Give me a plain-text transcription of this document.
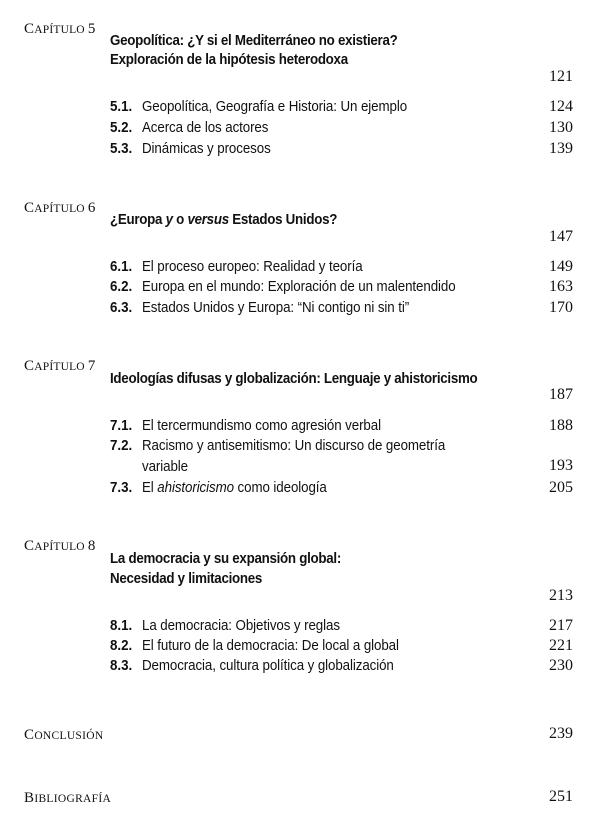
CAPÍTULO 5
Geopolítica: ¿Y si el Mediterráneo no existiera?
Exploración de la hipótesis heterodoxa
121
5.1. Geopolítica, Geografía e Historia: Un ejemplo	124
5.2. Acerca de los actores	130
5.3. Dinámicas y procesos	139
CAPÍTULO 6
¿Europa y o versus Estados Unidos?
147
6.1. El proceso europeo: Realidad y teoría	149
6.2. Europa en el mundo: Exploración de un malentendido	163
6.3. Estados Unidos y Europa: “Ni contigo ni sin ti”	170
CAPÍTULO 7
Ideologías difusas y globalización: Lenguaje y ahistoricismo
187
7.1. El tercermundismo como agresión verbal	188
7.2. Racismo y antisemitismo: Un discurso de geometría
variable	193
7.3. El ahistoricismo como ideología	205
CAPÍTULO 8
La democracia y su expansión global:
Necesidad y limitaciones
213
8.1. La democracia: Objetivos y reglas	217
8.2. El futuro de la democracia: De local a global	221
8.3. Democracia, cultura política y globalización	230
CONCLUSIÓN	239
BIBLIOGRAFÍA	251
